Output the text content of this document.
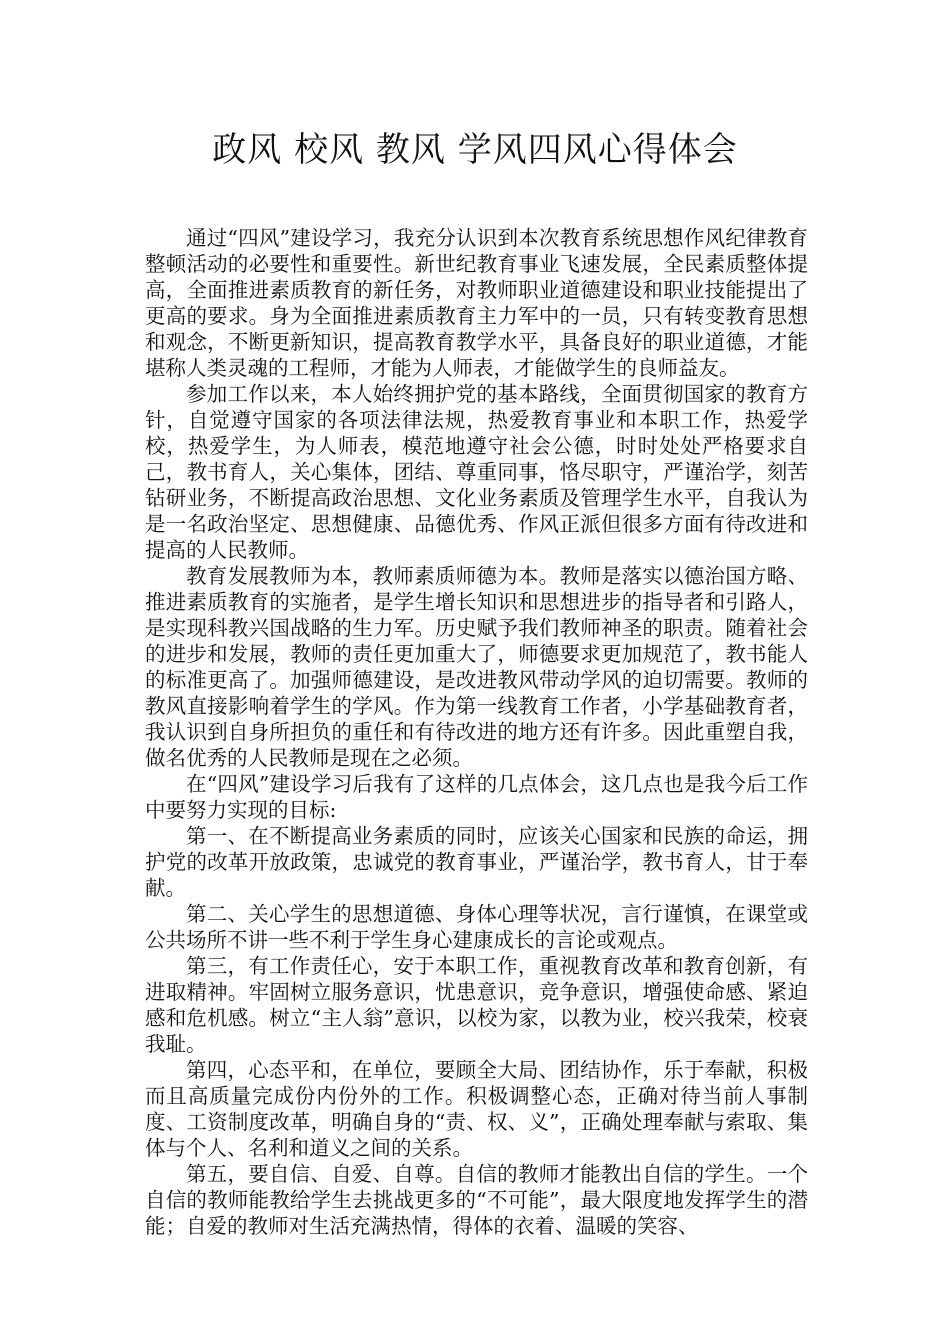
政风 校风 教风 学风四风心得体会

通过“四风”建设学习，我充分认识到本次教育系统思想作风纪律教育整顿活动的必要性和重要性。新世纪教育事业飞速发展，全民素质整体提高，全面推进素质教育的新任务，对教师职业道德建设和职业技能提出了更高的要求。身为全面推进素质教育主力军中的一员，只有转变教育思想和观念，不断更新知识，提高教育教学水平，具备良好的职业道德，才能堪称人类灵魂的工程师，才能为人师表，才能做学生的良师益友。

参加工作以来，本人始终拥护党的基本路线，全面贯彻国家的教育方针，自觉遵守国家的各项法律法规，热爱教育事业和本职工作，热爱学校，热爱学生，为人师表，模范地遵守社会公德，时时处处严格要求自己，教书育人，关心集体，团结、尊重同事，恪尽职守，严谨治学，刻苦钻研业务，不断提高政治思想、文化业务素质及管理学生水平，自我认为是一名政治坚定、思想健康、品德优秀、作风正派但很多方面有待改进和提高的人民教师。

教育发展教师为本，教师素质师德为本。教师是落实以德治国方略、推进素质教育的实施者，是学生增长知识和思想进步的指导者和引路人，是实现科教兴国战略的生力军。历史赋予我们教师神圣的职责。随着社会的进步和发展，教师的责任更加重大了，师德要求更加规范了，教书能人的标准更高了。加强师德建设，是改进教风带动学风的迫切需要。教师的教风直接影响着学生的学风。作为第一线教育工作者，小学基础教育者，我认识到自身所担负的重任和有待改进的地方还有许多。因此重塑自我，做名优秀的人民教师是现在之必须。

在“四风”建设学习后我有了这样的几点体会，这几点也是我今后工作中要努力实现的目标:

第一、在不断提高业务素质的同时，应该关心国家和民族的命运，拥护党的改革开放政策，忠诚党的教育事业，严谨治学，教书育人，甘于奉献。

第二、关心学生的思想道德、身体心理等状况，言行谨慎，在课堂或公共场所不讲一些不利于学生身心建康成长的言论或观点。

第三，有工作责任心，安于本职工作，重视教育改革和教育创新，有进取精神。牢固树立服务意识，忧患意识，竞争意识，增强使命感、紧迫感和危机感。树立“主人翁”意识，以校为家，以教为业，校兴我荣，校衰我耻。

第四，心态平和，在单位，要顾全大局、团结协作，乐于奉献，积极而且高质量完成份内份外的工作。积极调整心态，正确对待当前人事制度、工资制度改革，明确自身的“责、权、义”，正确处理奉献与索取、集体与个人、名利和道义之间的关系。

第五，要自信、自爱、自尊。自信的教师才能教出自信的学生。一个自信的教师能教给学生去挑战更多的“不可能”，最大限度地发挥学生的潜能；自爱的教师对生活充满热情，得体的衣着、温暖的笑容、
